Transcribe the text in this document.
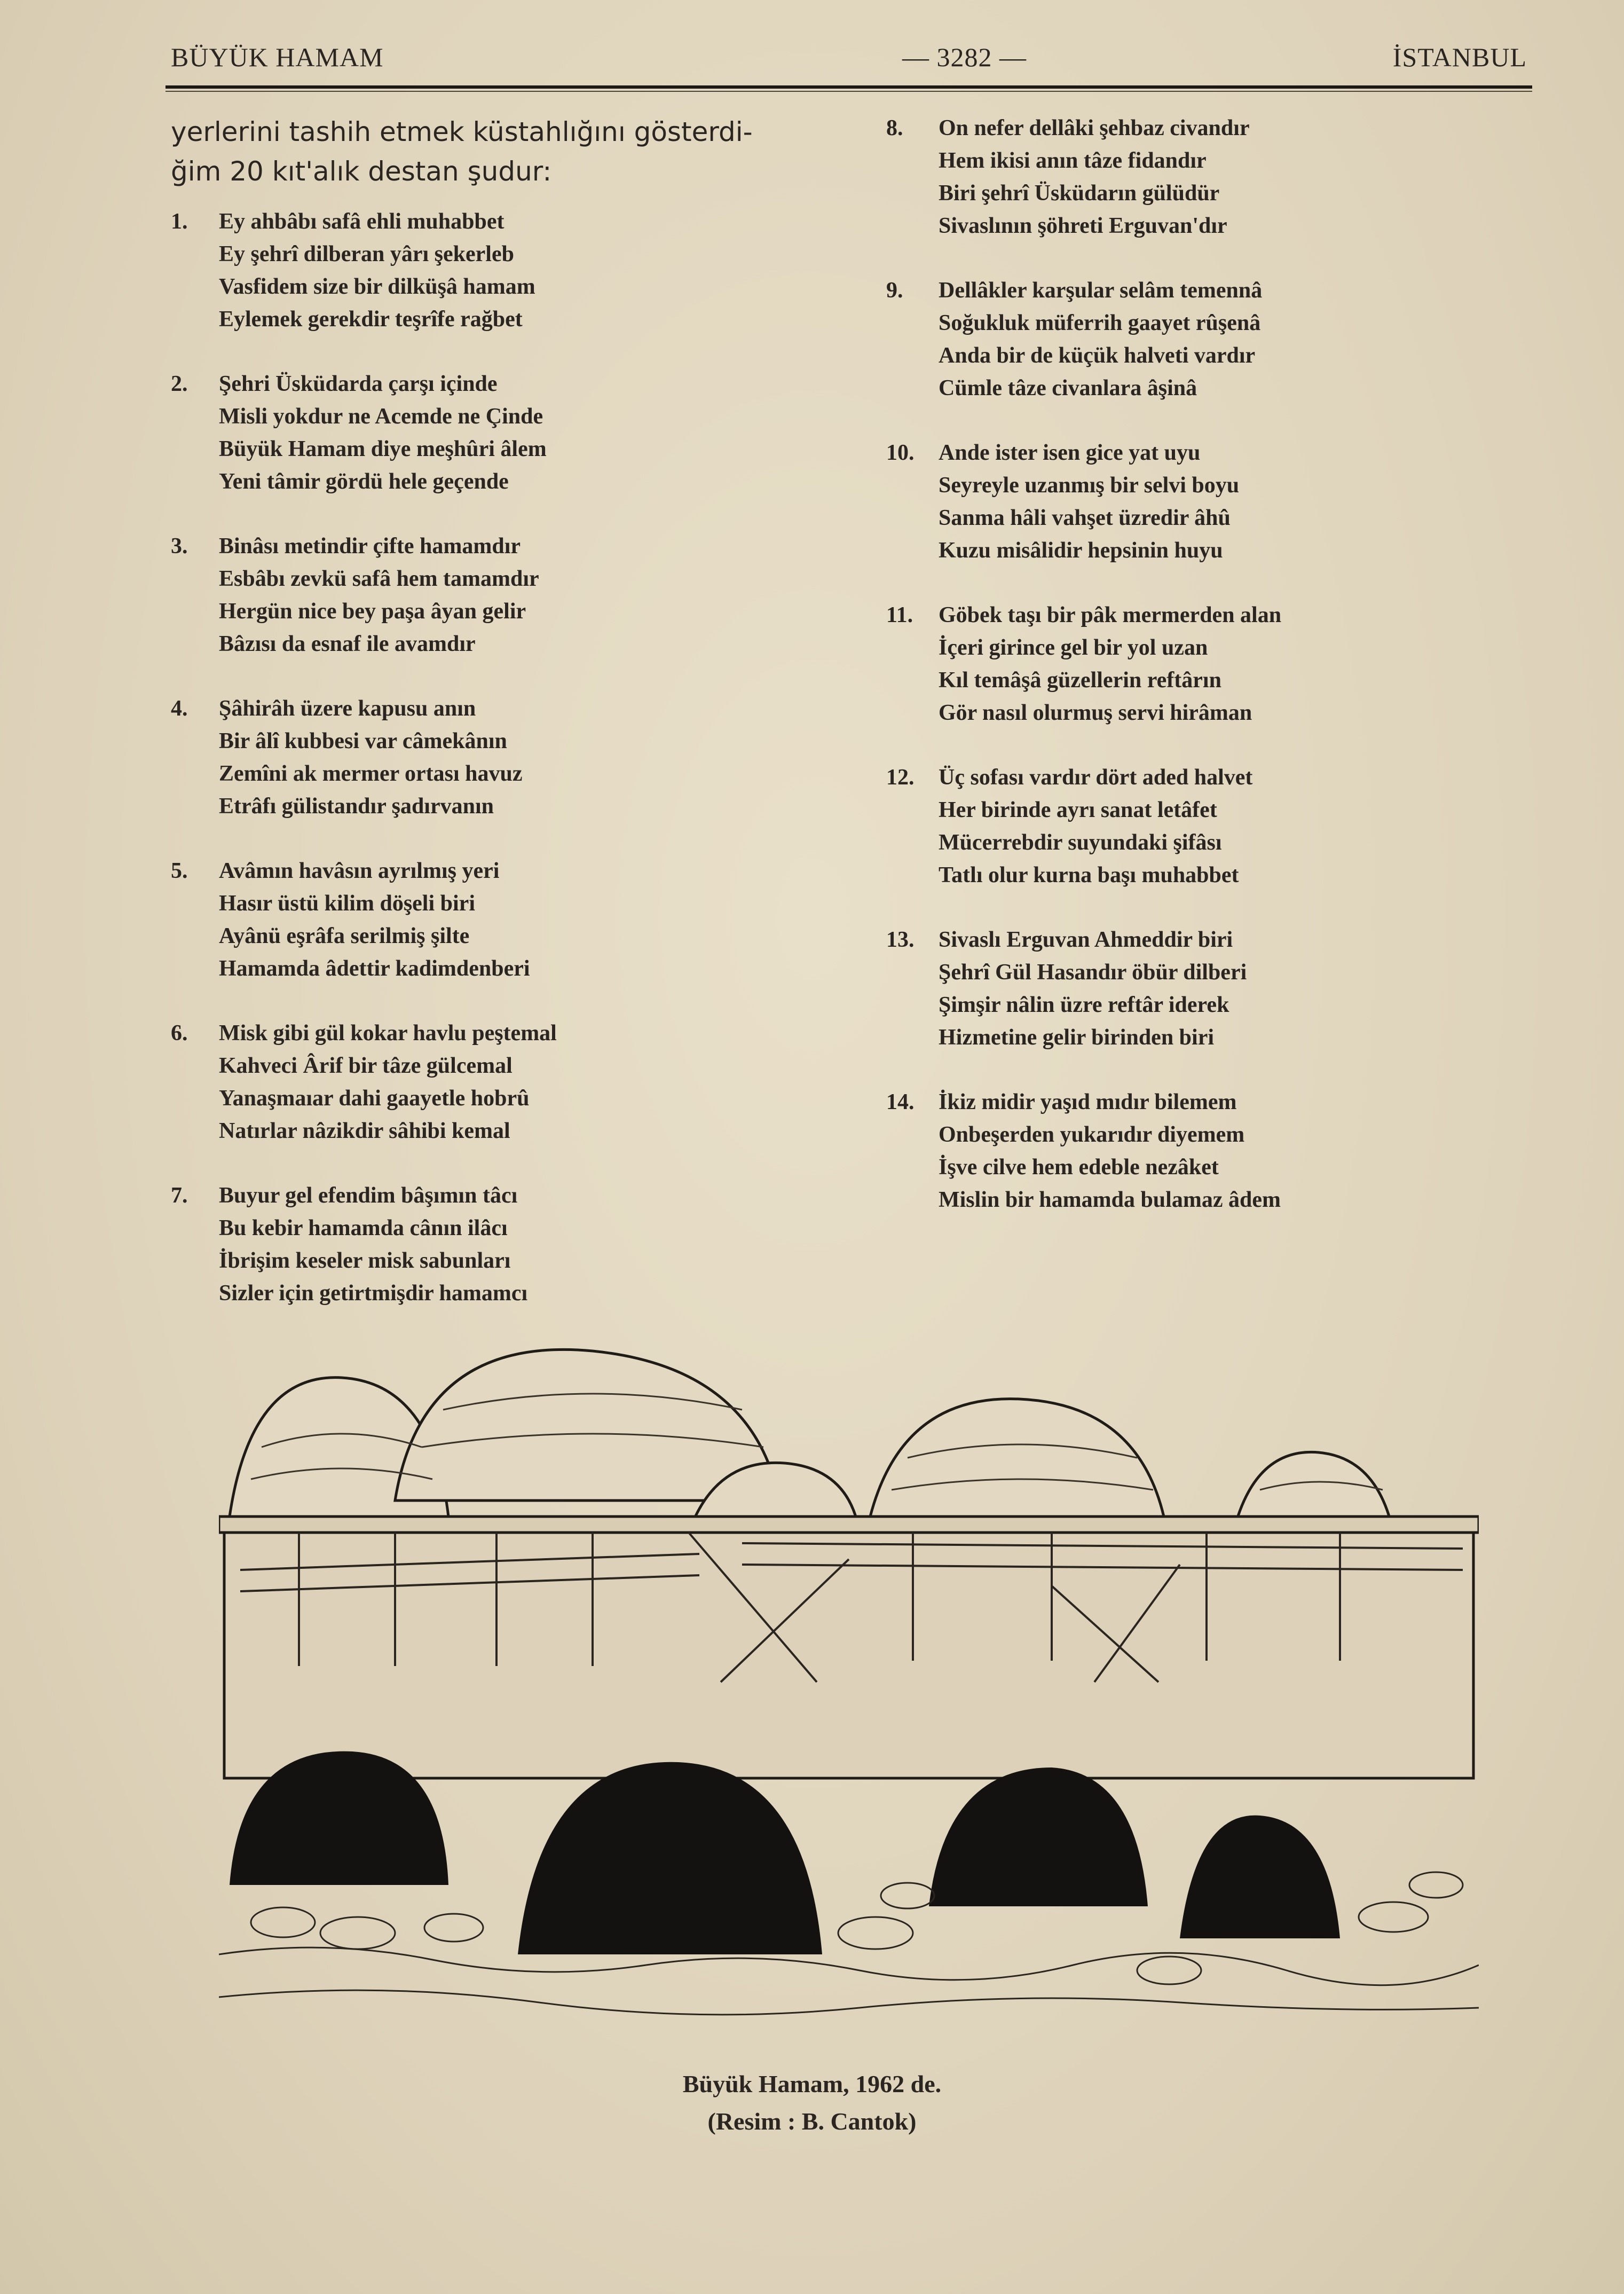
BÜYÜK HAMAM	— 3282 —	İSTANBUL
yerlerini tashih etmek küstahlığını gösterdi-
ğim 20 kıt'alık destan şudur:
1.	Ey ahbâbı safâ ehli muhabbet
Ey şehrî dilberan yârı şekerleb
Vasfidem size bir dilküşâ hamam
Eylemek gerekdir teşrîfe rağbet
2.	Şehri Üsküdarda çarşı içinde
Misli yokdur ne Acemde ne Çinde
Büyük Hamam diye meşhûri âlem
Yeni tâmir gördü hele geçende
3.	Binâsı metindir çifte hamamdır
Esbâbı zevkü safâ hem tamamdır
Hergün nice bey paşa âyan gelir
Bâzısı da esnaf ile avamdır
4.	Şâhirâh üzere kapusu anın
Bir âlî kubbesi var câmekânın
Zemîni ak mermer ortası havuz
Etrâfı gülistandır şadırvanın
5.	Avâmın havâsın ayrılmış yeri
Hasır üstü kilim döşeli biri
Ayânü eşrâfa serilmiş şilte
Hamamda âdettir kadimdenberi
6.	Misk gibi gül kokar havlu peştemal
Kahveci Ârif bir tâze gülcemal
Yanaşmaıar dahi gaayetle hobrû
Natırlar nâzikdir sâhibi kemal
7.	Buyur gel efendim bâşımın tâcı
Bu kebir hamamda cânın ilâcı
İbrişim keseler misk sabunları
Sizler için getirtmişdir hamamcı
8.	On nefer dellâki şehbaz civandır
Hem ikisi anın tâze fidandır
Biri şehrî Üsküdarın gülüdür
Sivaslının şöhreti Erguvan'dır
9.	Dellâkler karşular selâm temennâ
Soğukluk müferrih gaayet rûşenâ
Anda bir de küçük halveti vardır
Cümle tâze civanlara âşinâ
10.	Ande ister isen gice yat uyu
Seyreyle uzanmış bir selvi boyu
Sanma hâli vahşet üzredir âhû
Kuzu misâlidir hepsinin huyu
11.	Göbek taşı bir pâk mermerden alan
İçeri girince gel bir yol uzan
Kıl temâşâ güzellerin reftârın
Gör nasıl olurmuş servi hirâman
12.	Üç sofası vardır dört aded halvet
Her birinde ayrı sanat letâfet
Mücerrebdir suyundaki şifâsı
Tatlı olur kurna başı muhabbet
13.	Sivaslı Erguvan Ahmeddir biri
Şehrî Gül Hasandır öbür dilberi
Şimşir nâlin üzre reftâr iderek
Hizmetine gelir birinden biri
14.	İkiz midir yaşıd mıdır bilemem
Onbeşerden yukarıdır diyemem
İşve cilve hem edeble nezâket
Mislin bir hamamda bulamaz âdem
Büyük Hamam, 1962 de.
(Resim : B. Cantok)
